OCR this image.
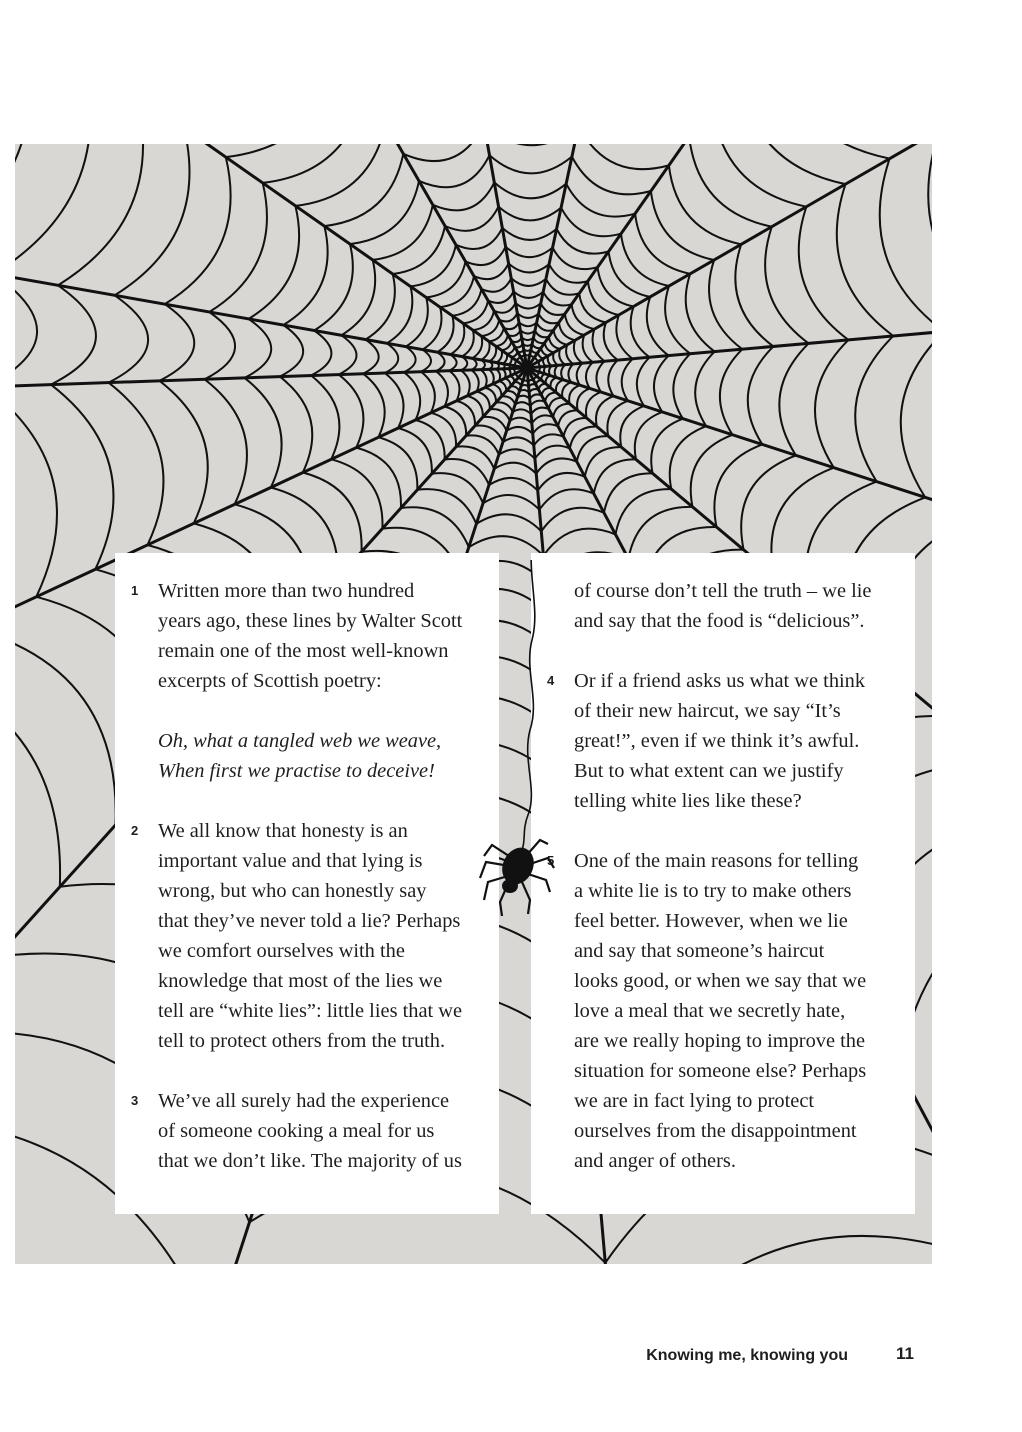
1 Written more than two hundred
years ago, these lines by Walter Scott
remain one of the most well-known
excerpts of Scottish poetry:
Oh, what a tangled web we weave,
When first we practise to deceive!
2 We all know that honesty is an
important value and that lying is
wrong, but who can honestly say
that they’ve never told a lie? Perhaps
we comfort ourselves with the
knowledge that most of the lies we
tell are “white lies”: little lies that we
tell to protect others from the truth.
3 We’ve all surely had the experience
of someone cooking a meal for us
that we don’t like. The majority of us
of course don’t tell the truth – we lie
and say that the food is “delicious”.
4 Or if a friend asks us what we think
of their new haircut, we say “It’s
great!”, even if we think it’s awful.
But to what extent can we justify
telling white lies like these?
5 One of the main reasons for telling
a white lie is to try to make others
feel better. However, when we lie
and say that someone’s haircut
looks good, or when we say that we
love a meal that we secretly hate,
are we really hoping to improve the
situation for someone else? Perhaps
we are in fact lying to protect
ourselves from the disappointment
and anger of others.
Knowing me, knowing you	11
